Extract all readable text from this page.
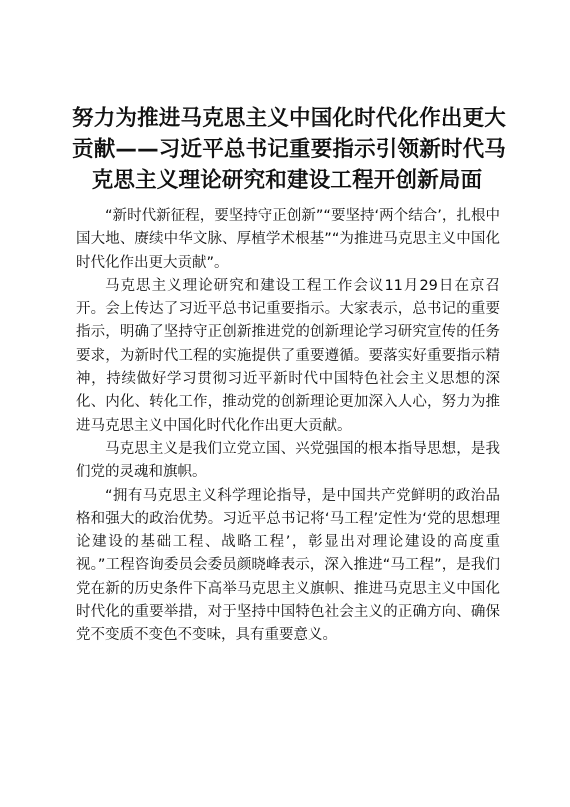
努力为推进马克思主义中国化时代化作出更大
贡献——习近平总书记重要指示引领新时代马
克思主义理论研究和建设工程开创新局面

“新时代新征程，要坚持守正创新”“要坚持‘两个结合’，扎根中国大地、赓续中华文脉、厚植学术根基”“为推进马克思主义中国化时代化作出更大贡献”。

马克思主义理论研究和建设工程工作会议11月29日在京召开。会上传达了习近平总书记重要指示。大家表示，总书记的重要指示，明确了坚持守正创新推进党的创新理论学习研究宣传的任务要求，为新时代工程的实施提供了重要遵循。要落实好重要指示精神，持续做好学习贯彻习近平新时代中国特色社会主义思想的深化、内化、转化工作，推动党的创新理论更加深入人心，努力为推进马克思主义中国化时代化作出更大贡献。

马克思主义是我们立党立国、兴党强国的根本指导思想，是我们党的灵魂和旗帜。

“拥有马克思主义科学理论指导，是中国共产党鲜明的政治品格和强大的政治优势。习近平总书记将‘马工程’定性为‘党的思想理论建设的基础工程、战略工程’，彰显出对理论建设的高度重视。”工程咨询委员会委员颜晓峰表示，深入推进“马工程”，是我们党在新的历史条件下高举马克思主义旗帜、推进马克思主义中国化时代化的重要举措，对于坚持中国特色社会主义的正确方向、确保党不变质不变色不变味，具有重要意义。
